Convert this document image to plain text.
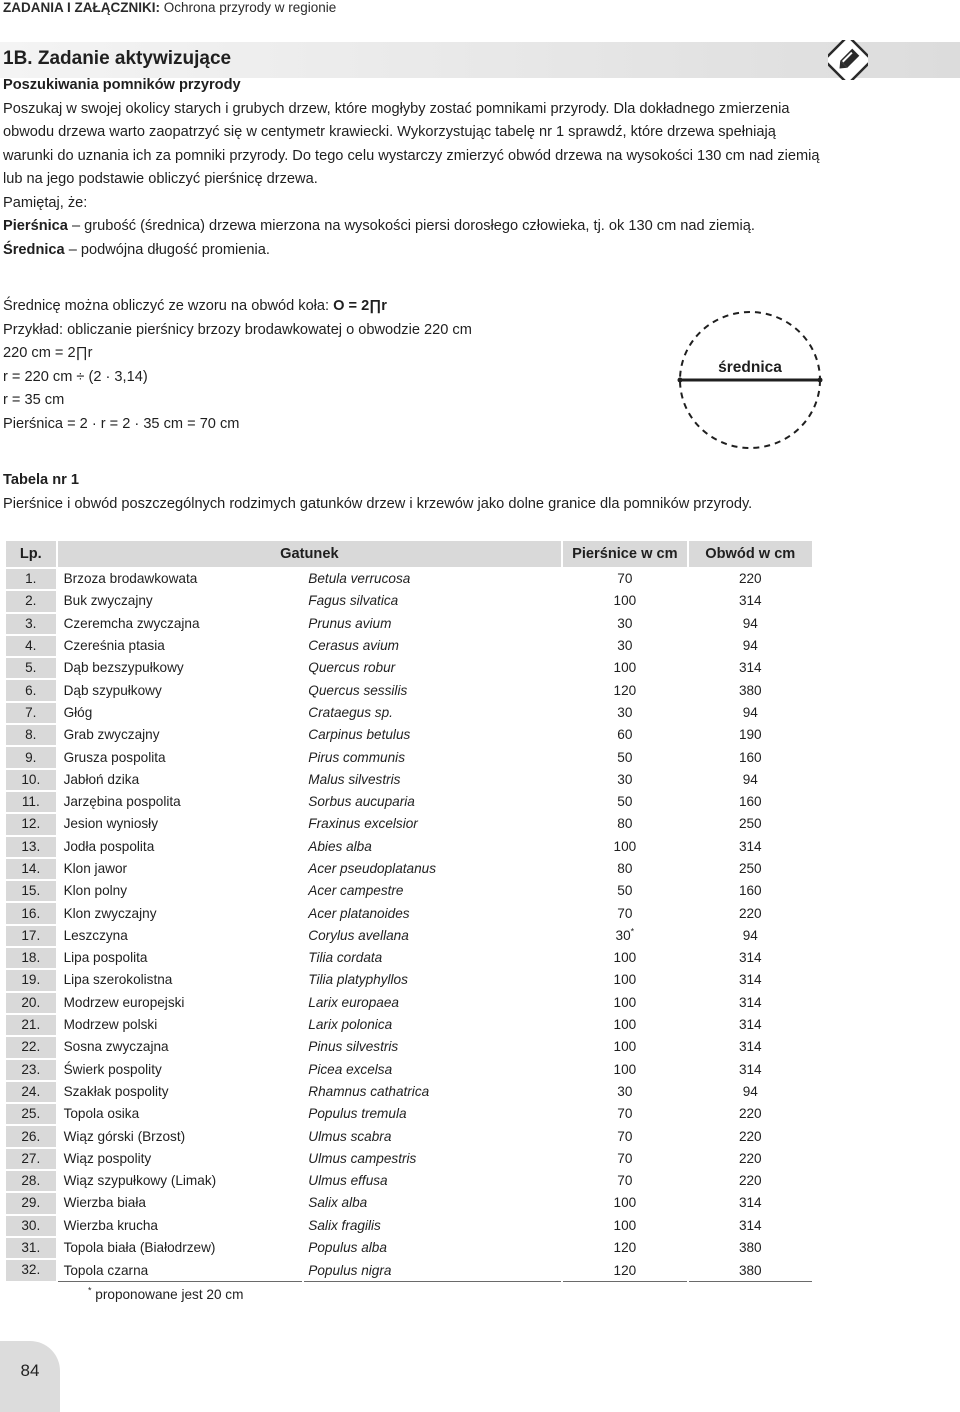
ZADANIA I ZAŁĄCZNIKI: Ochrona przyrody w regionie
1B. Zadanie aktywizujące

Poszukiwania pomników przyrody

Poszukaj w swojej okolicy starych i grubych drzew, które mogłyby zostać pomnikami przyrody. Dla dokładnego zmierzenia obwodu drzewa warto zaopatrzyć się w centymetr krawiecki. Wykorzystując tabelę nr 1 sprawdź, które drzewa spełniają warunki do uznania ich za pomniki przyrody. Do tego celu wystarczy zmierzyć obwód drzewa na wysokości 130 cm nad ziemią lub na jego podstawie obliczyć pierśnicę drzewa.

Pamiętaj, że:

Pierśnica – grubość (średnica) drzewa mierzona na wysokości piersi dorosłego człowieka, tj. ok 130 cm nad ziemią.

Średnica – podwójna długość promienia.

Średnicę można obliczyć ze wzoru na obwód koła: O = 2∏r

Przykład: obliczanie pierśnicy brzozy brodawkowatej o obwodzie 220 cm

220 cm = 2∏r

r = 220 cm ÷ (2 · 3,14)

r = 35 cm

Pierśnica = 2 · r = 2 · 35 cm = 70 cm

średnica

Tabela nr 1

Pierśnice i obwód poszczególnych rodzimych gatunków drzew i krzewów jako dolne granice dla pomników przyrody.

Lp.	Gatunek		Pierśnice w cm	Obwód w cm
1.	Brzoza brodawkowata	Betula verrucosa	70	220
2.	Buk zwyczajny	Fagus silvatica	100	314
3.	Czeremcha zwyczajna	Prunus avium	30	94
4.	Czereśnia ptasia	Cerasus avium	30	94
5.	Dąb bezszypułkowy	Quercus robur	100	314
6.	Dąb szypułkowy	Quercus sessilis	120	380
7.	Głóg	Crataegus sp.	30	94
8.	Grab zwyczajny	Carpinus betulus	60	190
9.	Grusza pospolita	Pirus communis	50	160
10.	Jabłoń dzika	Malus silvestris	30	94
11.	Jarzębina pospolita	Sorbus aucuparia	50	160
12.	Jesion wyniosły	Fraxinus excelsior	80	250
13.	Jodła pospolita	Abies alba	100	314
14.	Klon jawor	Acer pseudoplatanus	80	250
15.	Klon polny	Acer campestre	50	160
16.	Klon zwyczajny	Acer platanoides	70	220
17.	Leszczyna	Corylus avellana	30*	94
18.	Lipa pospolita	Tilia cordata	100	314
19.	Lipa szerokolistna	Tilia platyphyllos	100	314
20.	Modrzew europejski	Larix europaea	100	314
21.	Modrzew polski	Larix polonica	100	314
22.	Sosna zwyczajna	Pinus silvestris	100	314
23.	Świerk pospolity	Picea excelsa	100	314
24.	Szakłak pospolity	Rhamnus cathatrica	30	94
25.	Topola osika	Populus tremula	70	220
26.	Wiąz górski (Brzost)	Ulmus scabra	70	220
27.	Wiąz pospolity	Ulmus campestris	70	220
28.	Wiąz szypułkowy (Limak)	Ulmus effusa	70	220
29.	Wierzba biała	Salix alba	100	314
30.	Wierzba krucha	Salix fragilis	100	314
31.	Topola biała (Białodrzew)	Populus alba	120	380
32.	Topola czarna	Populus nigra	120	380
* proponowane jest 20 cm
84
